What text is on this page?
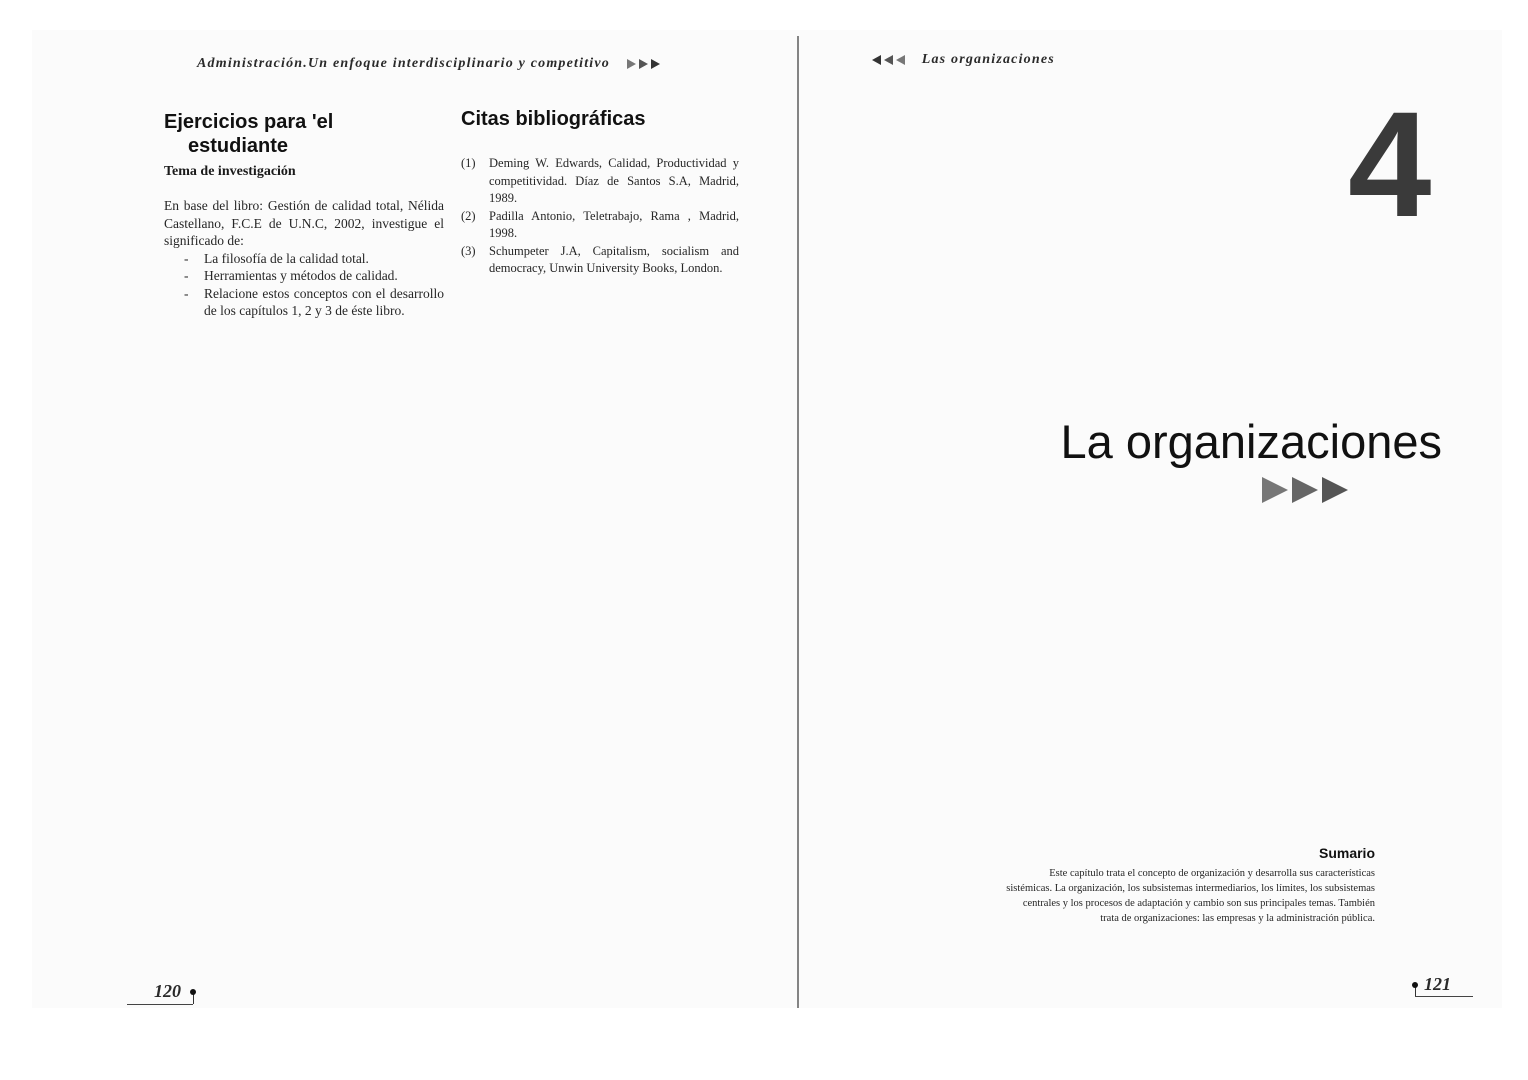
Administración.Un enfoque interdisciplinario y competitivo
Ejercicios para 'el
estudiante
Tema de investigación
En base del libro: Gestión de calidad total, Nélida Castellano, F.C.E de U.N.C, 2002, investigue el significado de:
- La filosofía de la calidad total.
- Herramientas y métodos de calidad.
- Relacione estos conceptos con el desarrollo de los capítulos 1, 2 y 3 de éste libro.
Citas bibliográficas
(1) Deming W. Edwards, Calidad, Productividad y competitividad. Díaz de Santos S.A, Madrid, 1989.
(2) Padilla Antonio, Teletrabajo, Rama , Madrid, 1998.
(3) Schumpeter J.A, Capitalism, socialism and democracy, Unwin University Books, London.
120
Las organizaciones
4
La organizaciones
Sumario
Este capítulo trata el concepto de organización y desarrolla sus características sistémicas. La organización, los subsistemas intermediarios, los límites, los subsistemas centrales y los procesos de adaptación y cambio son sus principales temas. También trata de organizaciones: las empresas y la administración pública.
121
